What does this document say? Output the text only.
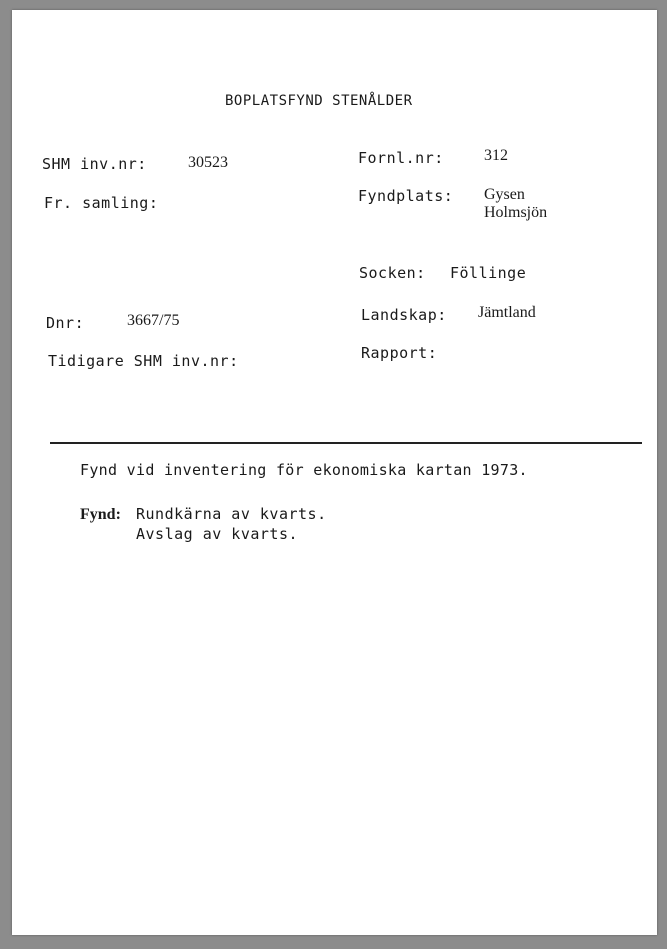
BOPLATSFYND STENÅLDER
SHM inv.nr:	30523
Fr. samling:
Dnr:	3667/75
Tidigare SHM inv.nr:
Fornl.nr:	312
Fyndplats: Gysen
Holmsjön
Socken: Föllinge
Landskap: Jämtland
Rapport:
Fynd vid inventering för ekonomiska kartan 1973.
Fynd: Rundkärna av kvarts.
Avslag av kvarts.
